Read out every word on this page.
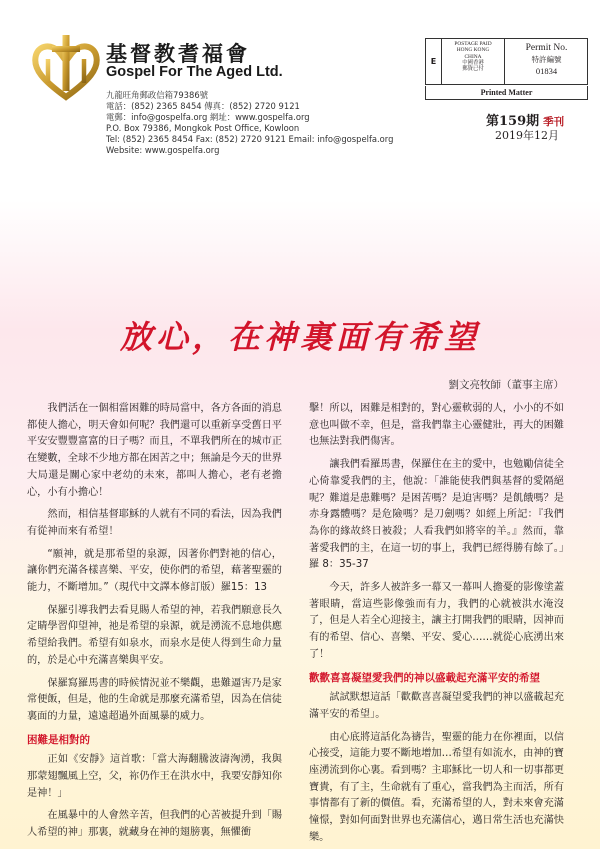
基督教耆福會
Gospel For The Aged Ltd.
九龍旺角郵政信箱79386號
電話：(852) 2365 8454 傳真：(852) 2720 9121
電郵：info@gospelfa.org 網址：www.gospelfa.org
P.O. Box 79386, Mongkok Post Office, Kowloon
Tel: (852) 2365 8454 Fax: (852) 2720 9121 Email: info@gospelfa.org
Website: www.gospelfa.org
E
POSTAGE PAID
HONG KONG
CHINA
中國香港
郵資已付
Permit No.
特許編號
01834
Printed Matter
第159期 季刊
2019年12月
放心，在神裏面有希望
劉文亮牧師（董事主席）

我們活在一個相當困難的時局當中，各方各面的消息都使人擔心，明天會如何呢？我們還可以重新享受舊日平平安安豐豐富富的日子嗎？而且，不單我們所在的城市正在變數，全球不少地方都在困苦之中；無論是今天的世界大局還是關心家中老幼的未來，都叫人擔心，老有老擔心，小有小擔心！

然而，相信基督耶穌的人就有不同的看法，因為我們有從神而來有希望！

“願神，就是那希望的泉源，因著你們對祂的信心，讓你們充滿各樣喜樂、平安，使你們的希望，藉著聖靈的能力，不斷增加。”（現代中文譯本修訂版）羅15：13

保羅引導我們去看見賜人希望的神，若我們願意長久定睛學習仰望神，祂是希望的泉源，就是湧流不息地供應希望給我們。希望有如泉水，而泉水是使人得到生命力量的，於是心中充滿喜樂與平安。

保羅寫羅馬書的時候情況並不樂觀，患難逼害乃是家常便飯，但是，他的生命就是那麼充滿希望，因為在信徒裏面的力量，遠遠超過外面風暴的威力。

困難是相對的

正如《安靜》這首歌：「當大海翻騰波濤洶湧，我與那蒙翅飄風上空，父，祢仍作王在洪水中，我要安靜知你是神！」

在風暴中的人會然辛苦，但我們的心苦被提升到「賜人希望的神」那裏，就藏身在神的翅膀裏，無懼衝

擊！所以，困難是相對的，對心靈軟弱的人，小小的不如意也叫做不幸，但是，當我們靠主心靈健壯，再大的困難也無法對我們傷害。

讓我們看羅馬書，保羅住在主的愛中，也勉勵信徒全心倚靠愛我們的主，他說：「誰能使我們與基督的愛隔絕呢？難道是患難嗎？是困苦嗎？是迫害嗎？是飢餓嗎？是赤身露體嗎？是危險嗎？是刀劍嗎？如經上所記：『我們為你的緣故終日被殺；人看我們如將宰的羊。』然而，靠著愛我們的主，在這一切的事上，我們已經得勝有餘了。」羅 8：35-37

今天，許多人被許多一幕又一幕叫人擔憂的影像塗蓋著眼睛，當這些影像強而有力，我們的心就被洪水淹沒了，但是人若全心迎接主，讓主打開我們的眼睛，因神而有的希望、信心、喜樂、平安、愛心……就從心底湧出來了！

歡歡喜喜凝望愛我們的神以盛載起充滿平安的希望

試試默想這話「歡歡喜喜凝望愛我們的神以盛載起充滿平安的希望」。

由心底將這話化為禱告，聖靈的能力在你裡面，以信心接受，這能力要不斷地增加…希望有如流水，由神的寶座湧流到你心裏。看到嗎？主耶穌比一切人和一切事都更寶貴，有了主，生命就有了重心，當我們為主而活，所有事情都有了新的價值。看，充滿希望的人，對未來會充滿憧憬，對如何面對世界也充滿信心，邁日常生活也充滿快樂。
